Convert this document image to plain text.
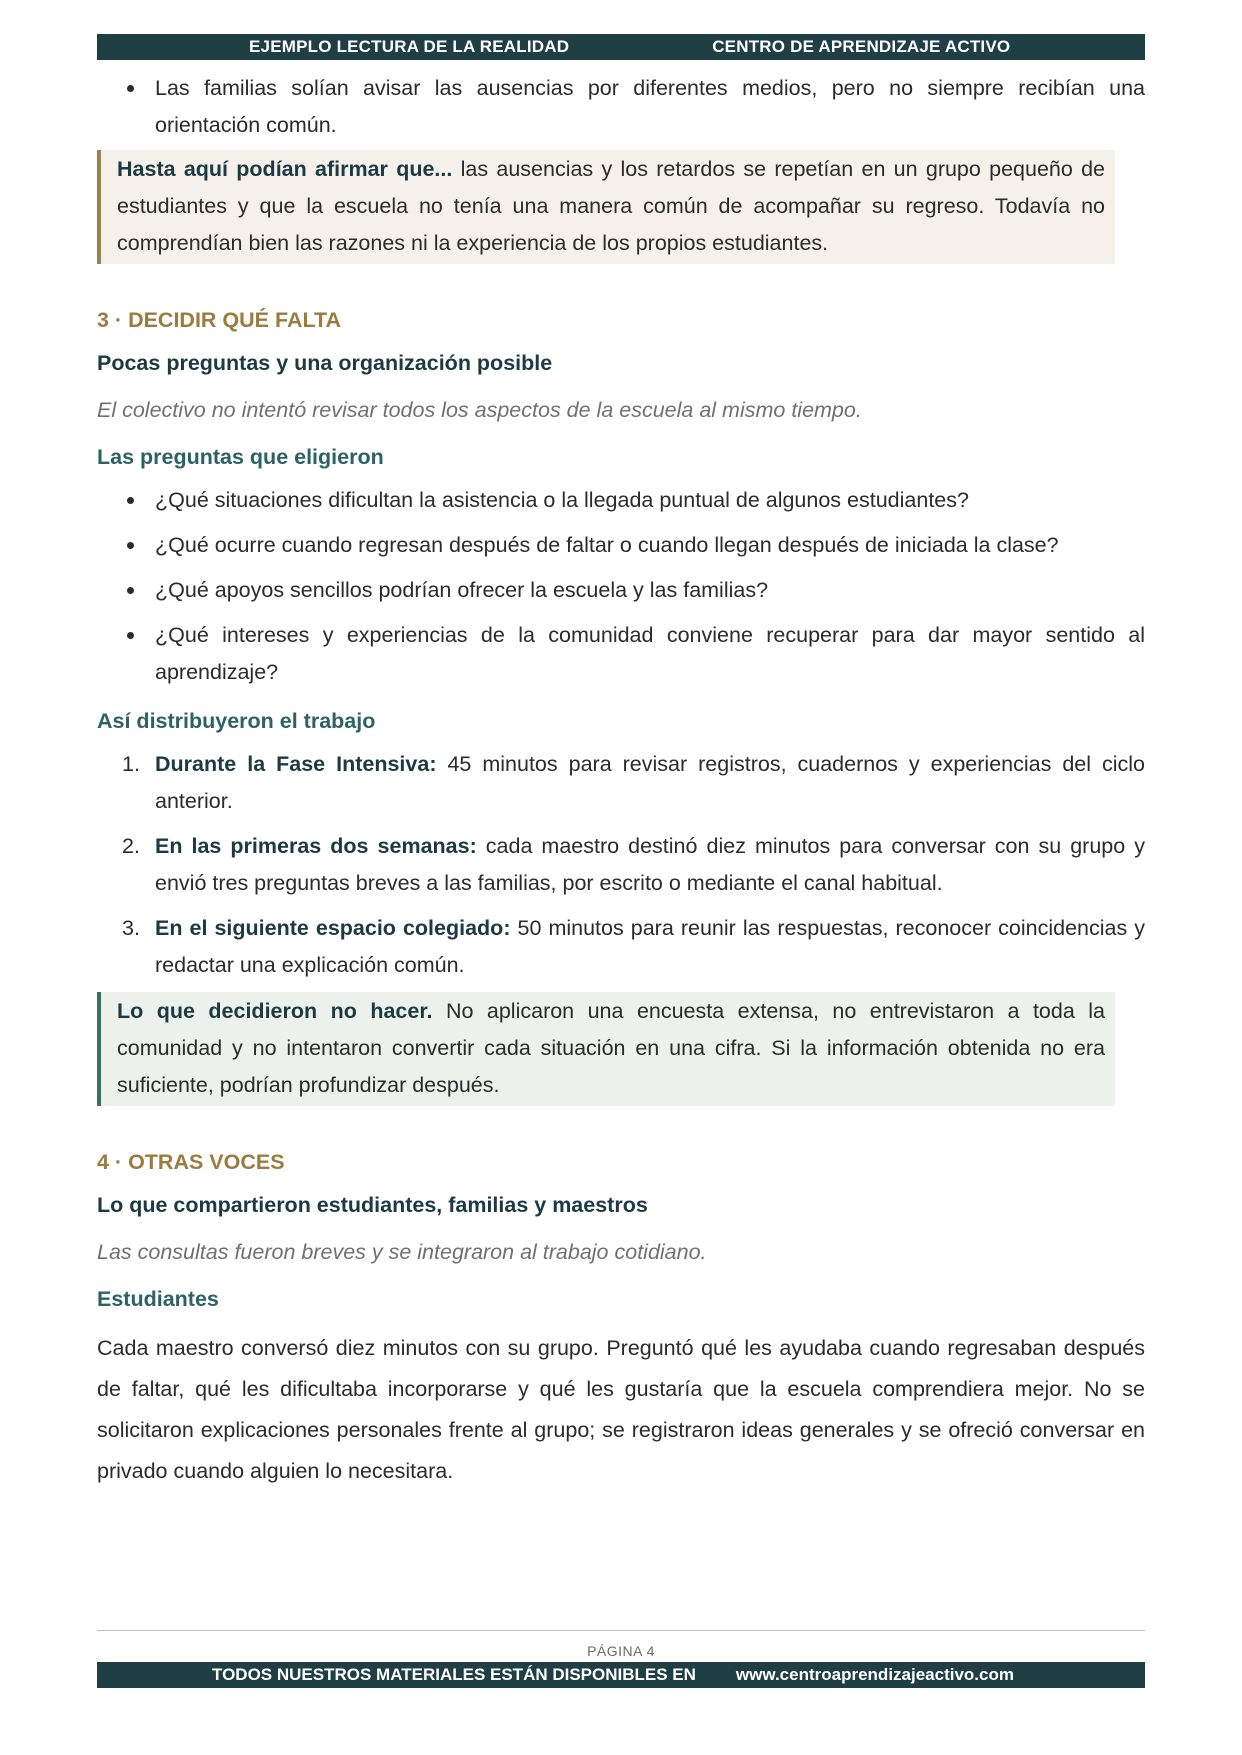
EJEMPLO LECTURA DE LA REALIDAD	CENTRO DE APRENDIZAJE ACTIVO
Las familias solían avisar las ausencias por diferentes medios, pero no siempre recibían una orientación común.
Hasta aquí podían afirmar que... las ausencias y los retardos se repetían en un grupo pequeño de estudiantes y que la escuela no tenía una manera común de acompañar su regreso. Todavía no comprendían bien las razones ni la experiencia de los propios estudiantes.

3 · DECIDIR QUÉ FALTA

Pocas preguntas y una organización posible

El colectivo no intentó revisar todos los aspectos de la escuela al mismo tiempo.

Las preguntas que eligieron

¿Qué situaciones dificultan la asistencia o la llegada puntual de algunos estudiantes?
¿Qué ocurre cuando regresan después de faltar o cuando llegan después de iniciada la clase?
¿Qué apoyos sencillos podrían ofrecer la escuela y las familias?
¿Qué intereses y experiencias de la comunidad conviene recuperar para dar mayor sentido al aprendizaje?

Así distribuyeron el trabajo

1. Durante la Fase Intensiva: 45 minutos para revisar registros, cuadernos y experiencias del ciclo anterior.
2. En las primeras dos semanas: cada maestro destinó diez minutos para conversar con su grupo y envió tres preguntas breves a las familias, por escrito o mediante el canal habitual.
3. En el siguiente espacio colegiado: 50 minutos para reunir las respuestas, reconocer coincidencias y redactar una explicación común.
Lo que decidieron no hacer. No aplicaron una encuesta extensa, no entrevistaron a toda la comunidad y no intentaron convertir cada situación en una cifra. Si la información obtenida no era suficiente, podrían profundizar después.

4 · OTRAS VOCES

Lo que compartieron estudiantes, familias y maestros

Las consultas fueron breves y se integraron al trabajo cotidiano.

Estudiantes

Cada maestro conversó diez minutos con su grupo. Preguntó qué les ayudaba cuando regresaban después de faltar, qué les dificultaba incorporarse y qué les gustaría que la escuela comprendiera mejor. No se solicitaron explicaciones personales frente al grupo; se registraron ideas generales y se ofreció conversar en privado cuando alguien lo necesitara.

PÁGINA 4
TODOS NUESTROS MATERIALES ESTÁN DISPONIBLES EN www.centroaprendizajeactivo.com
